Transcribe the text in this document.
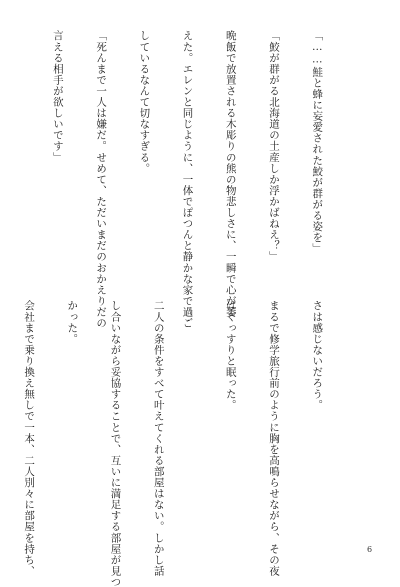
「……鮭と蜂に妄愛された鮫が群がる姿を」

「鮫が群がる北海道の土産しか浮かばねえ？」

晩飯で放置される木彫りの熊の物悲しさに、一瞬で心が萎

えた。エレンと同じように、一体でぽつんと静かな家で過ご

しているなんて切なすぎる。

「死んまで一人は嫌だ。せめて、ただいまだのおかえりだの

言える相手が欲しいです」

さは感じないだろう。

まるで修学旅行前のように胸を高鳴らせながら、その夜

はぐっすりと眠った。

二人の条件をすべて叶えてくれる部屋はない。しかし話

し合いながら妥協することで、互いに満足する部屋が見つ

かった。

会社まで乗り換え無しで一本、二人別々に部屋を持ち、

	6
